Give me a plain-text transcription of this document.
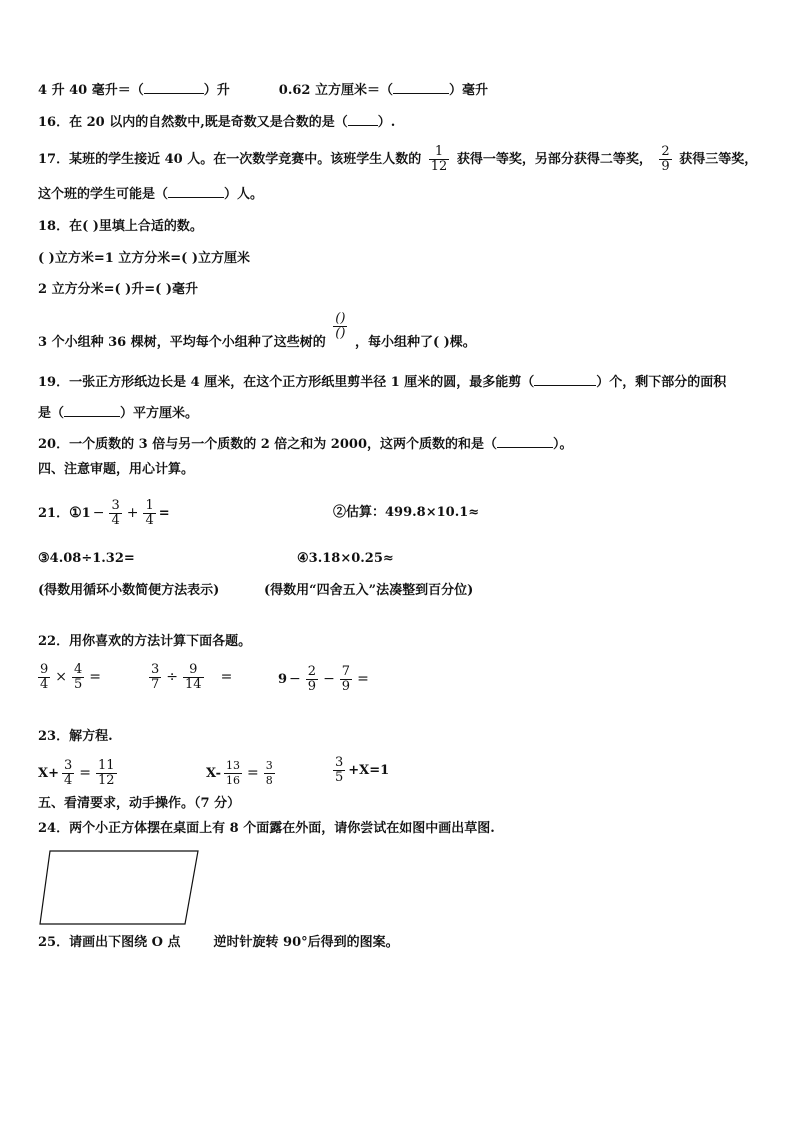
4 升 40 毫升＝（	）升	0.62 立方厘米＝（	）毫升
16．在 20 以内的自然数中,既是奇数又是合数的是（ ）.
17．某班的学生接近 40 人。在一次数学竞赛中。该班学生人数的 $\frac{1}{12}$ 获得一等奖，另部分获得二等奖， $\frac{2}{9}$ 获得三等奖，
这个班的学生可能是（	）人。
18．在( )里填上合适的数。
( )立方米=1 立方分米=( )立方厘米
2 立方分米=( )升=( )毫升
3 个小组种 36 棵树，平均每个小组种了这些树的
$\frac{()}{()}$
，每小组种了( )棵。
19．一张正方形纸边长是 4 厘米，在这个正方形纸里剪半径 1 厘米的圆，最多能剪（	）个，剩下部分的面积
是（	）平方厘米。
20．一个质数的 3 倍与另一个质数的 2 倍之和为 2000，这两个质数的和是（	）。
四、注意审题，用心计算。
21．①1 − $\frac{3}{4} + \frac{1}{4}$ =	②估算：499.8×10.1≈
③4.08÷1.32=	④3.18×0.25≈
(得数用循环小数简便方法表示)	(得数用“四舍五入”法凑整到百分位)
22．用你喜欢的方法计算下面各题。
$\frac{9}{4} \times \frac{4}{5}$ =	$\frac{3}{7} \div \frac{9}{14}$ =	$9 - \frac{2}{9} - \frac{7}{9}$ =
23．解方程.
$X+ \frac{3}{4} = \frac{11}{12}$	$X- \frac{13}{16} = \frac{3}{8}$	$\frac{3}{5} +X=1$
五、看清要求，动手操作。（7 分）
24．两个小正方体摆在桌面上有 8 个面露在外面，请你尝试在如图中画出草图.
25．请画出下图绕 O 点	逆时针旋转 90°后得到的图案。
